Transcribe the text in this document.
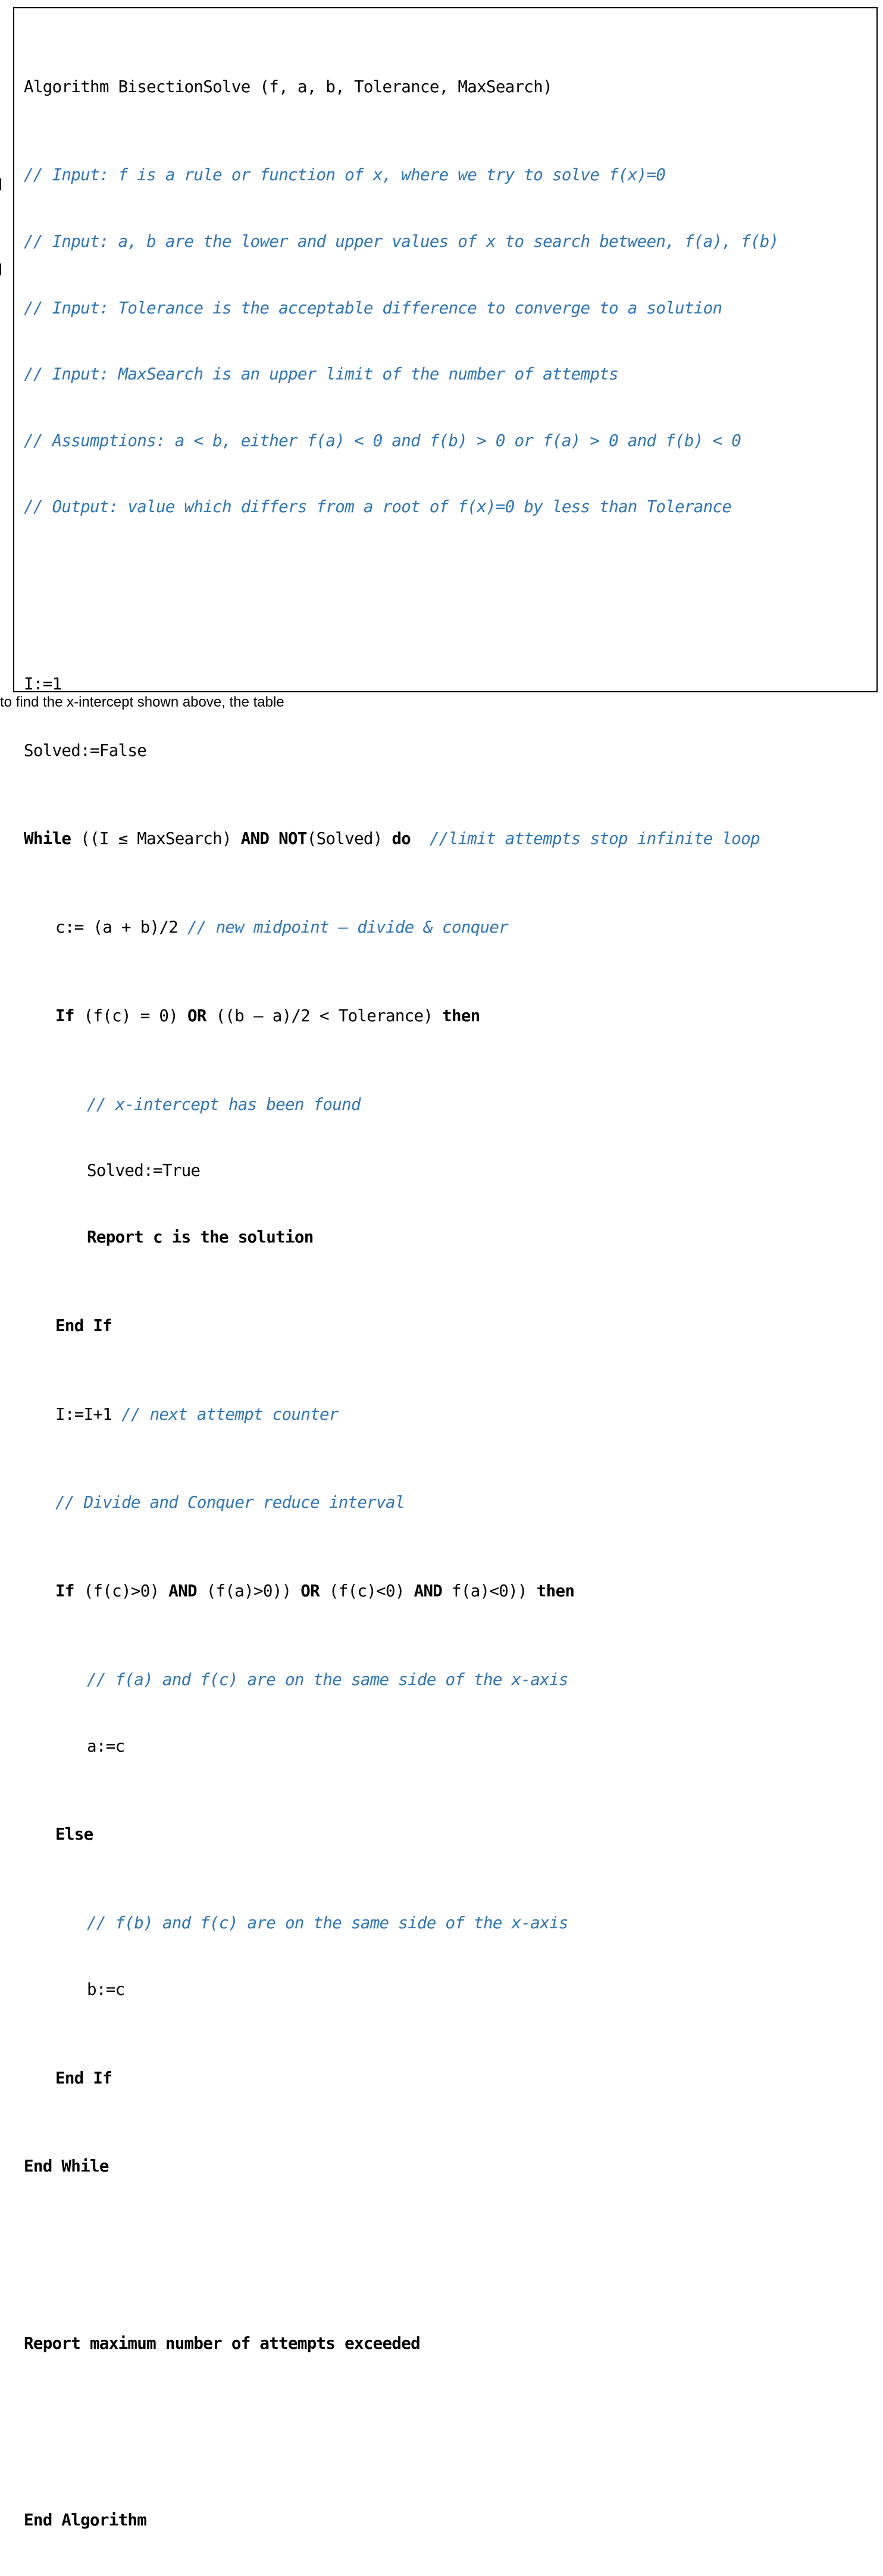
Algorithm BisectionSolve (f, a, b, Tolerance, MaxSearch)

// Input: f is a rule or function of x, where we try to solve f(x)=0

// Input: a, b are the lower and upper values of x to search between, f(a), f(b)

// Input: Tolerance is the acceptable difference to converge to a solution

// Input: MaxSearch is an upper limit of the number of attempts

// Assumptions: a < b, either f(a) < 0 and f(b) > 0 or f(a) > 0 and f(b) < 0

// Output: value which differs from a root of f(x)=0 by less than Tolerance

I:=1

Solved:=False

While ((I ≤ MaxSearch) AND NOT(Solved) do  //limit attempts stop infinite loop

c:= (a + b)/2 // new midpoint – divide & conquer

If (f(c) = 0) OR ((b – a)/2 < Tolerance) then

// x-intercept has been found

Solved:=True

Report c is the solution

End If

I:=I+1 // next attempt counter

// Divide and Conquer reduce interval

If (f(c)>0) AND (f(a)>0)) OR (f(c)<0) AND f(a)<0)) then

// f(a) and f(c) are on the same side of the x-axis

a:=c

Else

// f(b) and f(c) are on the same side of the x-axis

b:=c

End If

End While

Report maximum number of attempts exceeded

End Algorithm

to find the x-intercept shown above, the table
